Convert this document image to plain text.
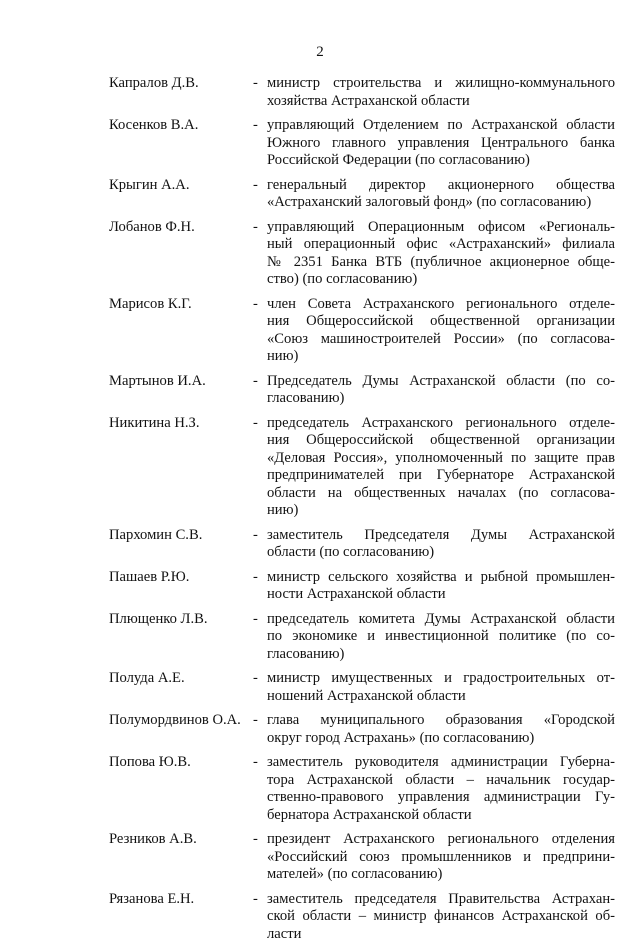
2
Капралов Д.В.	- министр строительства и жилищно-коммунального
хозяйства Астраханской области
Косенков В.А.	- управляющий Отделением по Астраханской области
Южного главного управления Центрального банка
Российской Федерации (по согласованию)
Крыгин А.А.	- генеральный директор акционерного общества
«Астраханский залоговый фонд» (по согласованию)
Лобанов Ф.Н.	- управляющий Операционным офисом «Региональ-
ный операционный офис «Астраханский» филиала
№ 2351 Банка ВТБ (публичное акционерное обще-
ство) (по согласованию)
Марисов К.Г.	- член Совета Астраханского регионального отделе-
ния Общероссийской общественной организации
«Союз машиностроителей России» (по согласова-
нию)
Мартынов И.А.	- Председатель Думы Астраханской области (по со-
гласованию)
Никитина Н.З.	- председатель Астраханского регионального отделе-
ния Общероссийской общественной организации
«Деловая Россия», уполномоченный по защите прав
предпринимателей при Губернаторе Астраханской
области на общественных началах (по согласова-
нию)
Пархомин С.В.	- заместитель Председателя Думы Астраханской
области (по согласованию)
Пашаев Р.Ю.	- министр сельского хозяйства и рыбной промышлен-
ности Астраханской области
Плющенко Л.В.	- председатель комитета Думы Астраханской области
по экономике и инвестиционной политике (по со-
гласованию)
Полуда А.Е.	- министр имущественных и градостроительных от-
ношений Астраханской области
Полумордвинов О.А. - глава муниципального образования «Городской
округ город Астрахань» (по согласованию)
Попова Ю.В.	- заместитель руководителя администрации Губерна-
тора Астраханской области – начальник государ-
ственно-правового управления администрации Гу-
бернатора Астраханской области
Резников А.В.	- президент Астраханского регионального отделения
«Российский союз промышленников и предприни-
мателей» (по согласованию)
Рязанова Е.Н.	- заместитель председателя Правительства Астрахан-
ской области – министр финансов Астраханской об-
ласти
